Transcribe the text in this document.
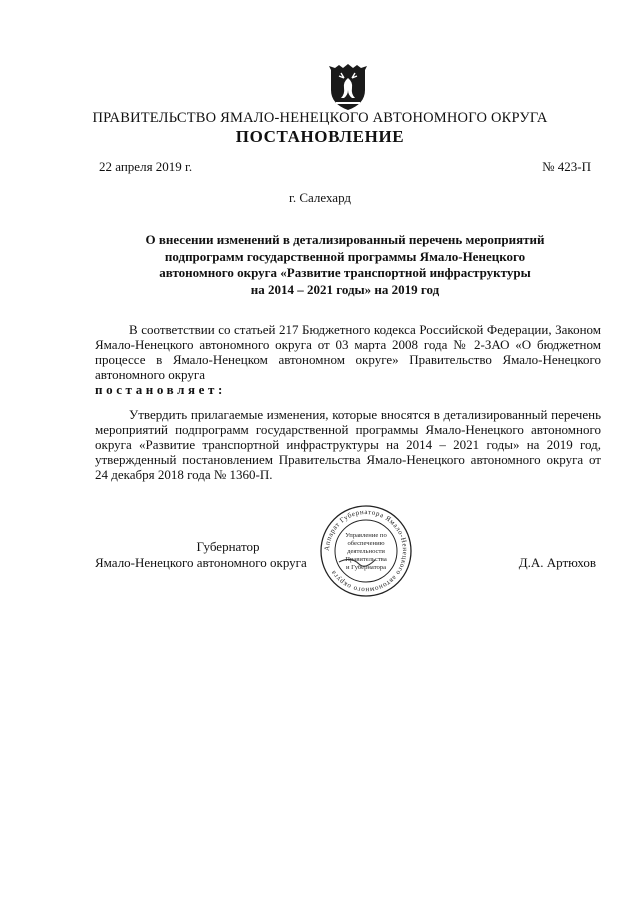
ПРАВИТЕЛЬСТВО ЯМАЛО-НЕНЕЦКОГО АВТОНОМНОГО ОКРУГА
ПОСТАНОВЛЕНИЕ
22 апреля 2019 г.	№ 423-П
г. Салехард
О внесении изменений в детализированный перечень мероприятий
подпрограмм государственной программы Ямало-Ненецкого
автономного округа «Развитие транспортной инфраструктуры
на 2014 – 2021 годы» на 2019 год
В соответствии со статьей 217 Бюджетного кодекса Российской Федерации, Законом Ямало-Ненецкого автономного округа от 03 марта 2008 года № 2-ЗАО «О бюджетном процессе в Ямало-Ненецком автономном округе» Правительство Ямало-Ненецкого автономного округа
постановляет:
Утвердить прилагаемые изменения, которые вносятся в детализированный перечень мероприятий подпрограмм государственной программы Ямало-Ненецкого автономного округа «Развитие транспортной инфраструктуры на 2014 – 2021 годы» на 2019 год, утвержденный постановлением Правительства Ямало-Ненецкого автономного округа от 24 декабря 2018 года № 1360-П.
Губернатор
Ямало-Ненецкого автономного округа
Аппарат Губернатора Ямало-Ненецкого автономного округа
Управление по
обеспечению
деятельности
Правительства
и Губернатора	Д.А. Артюхов
